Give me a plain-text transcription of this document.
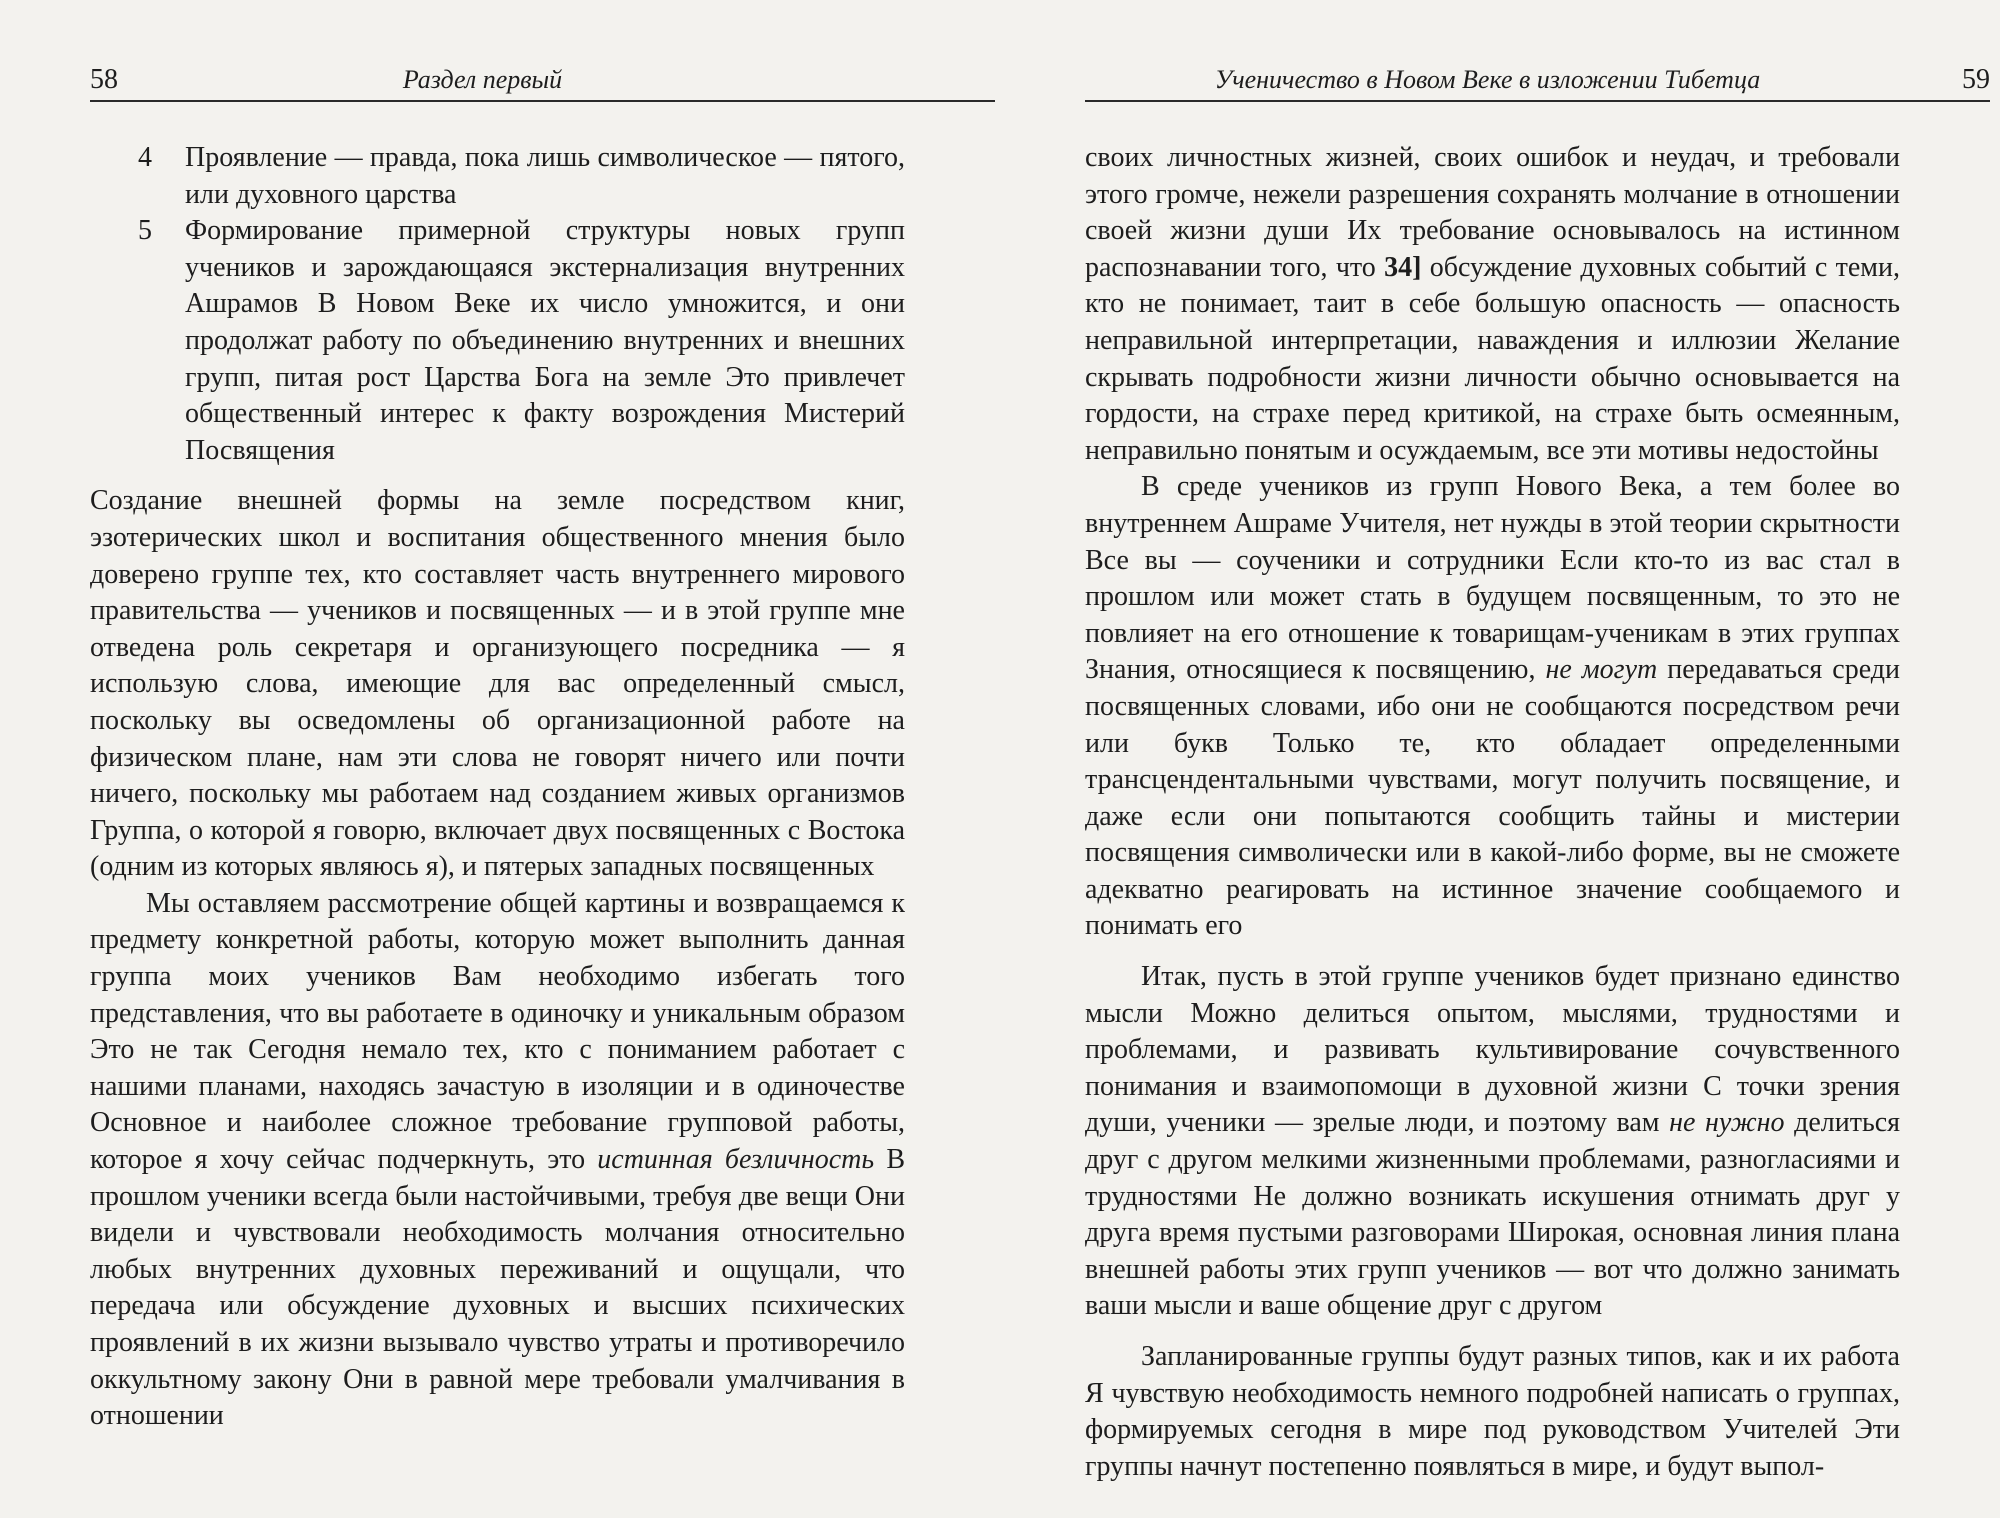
58	Раздел первый

4 Проявление — правда, пока лишь символическое — пятого, или духовного царства

5 Формирование примерной структуры новых групп учеников и зарождающаяся экстернализация внутренних Ашрамов В Новом Веке их число умножится, и они продолжат работу по объединению внутренних и внешних групп, питая рост Царства Бога на земле Это привлечет общественный интерес к факту возрождения Мистерий Посвящения

Создание внешней формы на земле посредством книг, эзотерических школ и воспитания общественного мнения было доверено группе тех, кто составляет часть внутреннего мирового правительства — учеников и посвященных — и в этой группе мне отведена роль секретаря и организующего посредника — я использую слова, имеющие для вас определенный смысл, поскольку вы осведомлены об организационной работе на физическом плане, нам эти слова не говорят ничего или почти ничего, поскольку мы работаем над созданием живых организмов Группа, о которой я говорю, включает двух посвященных с Востока (одним из которых являюсь я), и пятерых западных посвященных

Мы оставляем рассмотрение общей картины и возвращаемся к предмету конкретной работы, которую может выполнить данная группа моих учеников Вам необходимо избегать того представления, что вы работаете в одиночку и уникальным образом Это не так Сегодня немало тех, кто с пониманием работает с нашими планами, находясь зачастую в изоляции и в одиночестве Основное и наиболее сложное требование групповой работы, которое я хочу сейчас подчеркнуть, это истинная безличность В прошлом ученики всегда были настойчивыми, требуя две вещи Они видели и чувствовали необходимость молчания относительно любых внутренних духовных переживаний и ощущали, что передача или обсуждение духовных и высших психических проявлений в их жизни вызывало чувство утраты и противоречило оккультному закону Они в равной мере требовали умалчивания в отношении

Ученичество в Новом Веке в изложении Тибетца	59

своих личностных жизней, своих ошибок и неудач, и требовали этого громче, нежели разрешения сохранять молчание в отношении своей жизни души Их требование основывалось на истинном распознавании того, что 34] обсуждение духовных событий с теми, кто не понимает, таит в себе большую опасность — опасность неправильной интерпретации, наваждения и иллюзии Желание скрывать подробности жизни личности обычно основывается на гордости, на страхе перед критикой, на страхе быть осмеянным, неправильно понятым и осуждаемым, все эти мотивы недостойны

В среде учеников из групп Нового Века, а тем более во внутреннем Ашраме Учителя, нет нужды в этой теории скрытности Все вы — соученики и сотрудники Если кто-то из вас стал в прошлом или может стать в будущем посвященным, то это не повлияет на его отношение к товарищам-ученикам в этих группах Знания, относящиеся к посвящению, не могут передаваться среди посвященных словами, ибо они не сообщаются посредством речи или букв Только те, кто обладает определенными трансцендентальными чувствами, могут получить посвящение, и даже если они попытаются сообщить тайны и мистерии посвящения символически или в какой-либо форме, вы не сможете адекватно реагировать на истинное значение сообщаемого и понимать его

Итак, пусть в этой группе учеников будет признано единство мысли Можно делиться опытом, мыслями, трудностями и проблемами, и развивать культивирование сочувственного понимания и взаимопомощи в духовной жизни С точки зрения души, ученики — зрелые люди, и поэтому вам не нужно делиться друг с другом мелкими жизненными проблемами, разногласиями и трудностями Не должно возникать искушения отнимать друг у друга время пустыми разговорами Широкая, основная линия плана внешней работы этих групп учеников — вот что должно занимать ваши мысли и ваше общение друг с другом

Запланированные группы будут разных типов, как и их работа Я чувствую необходимость немного подробней написать о группах, формируемых сегодня в мире под руководством Учителей Эти группы начнут постепенно появляться в мире, и будут выпол-
